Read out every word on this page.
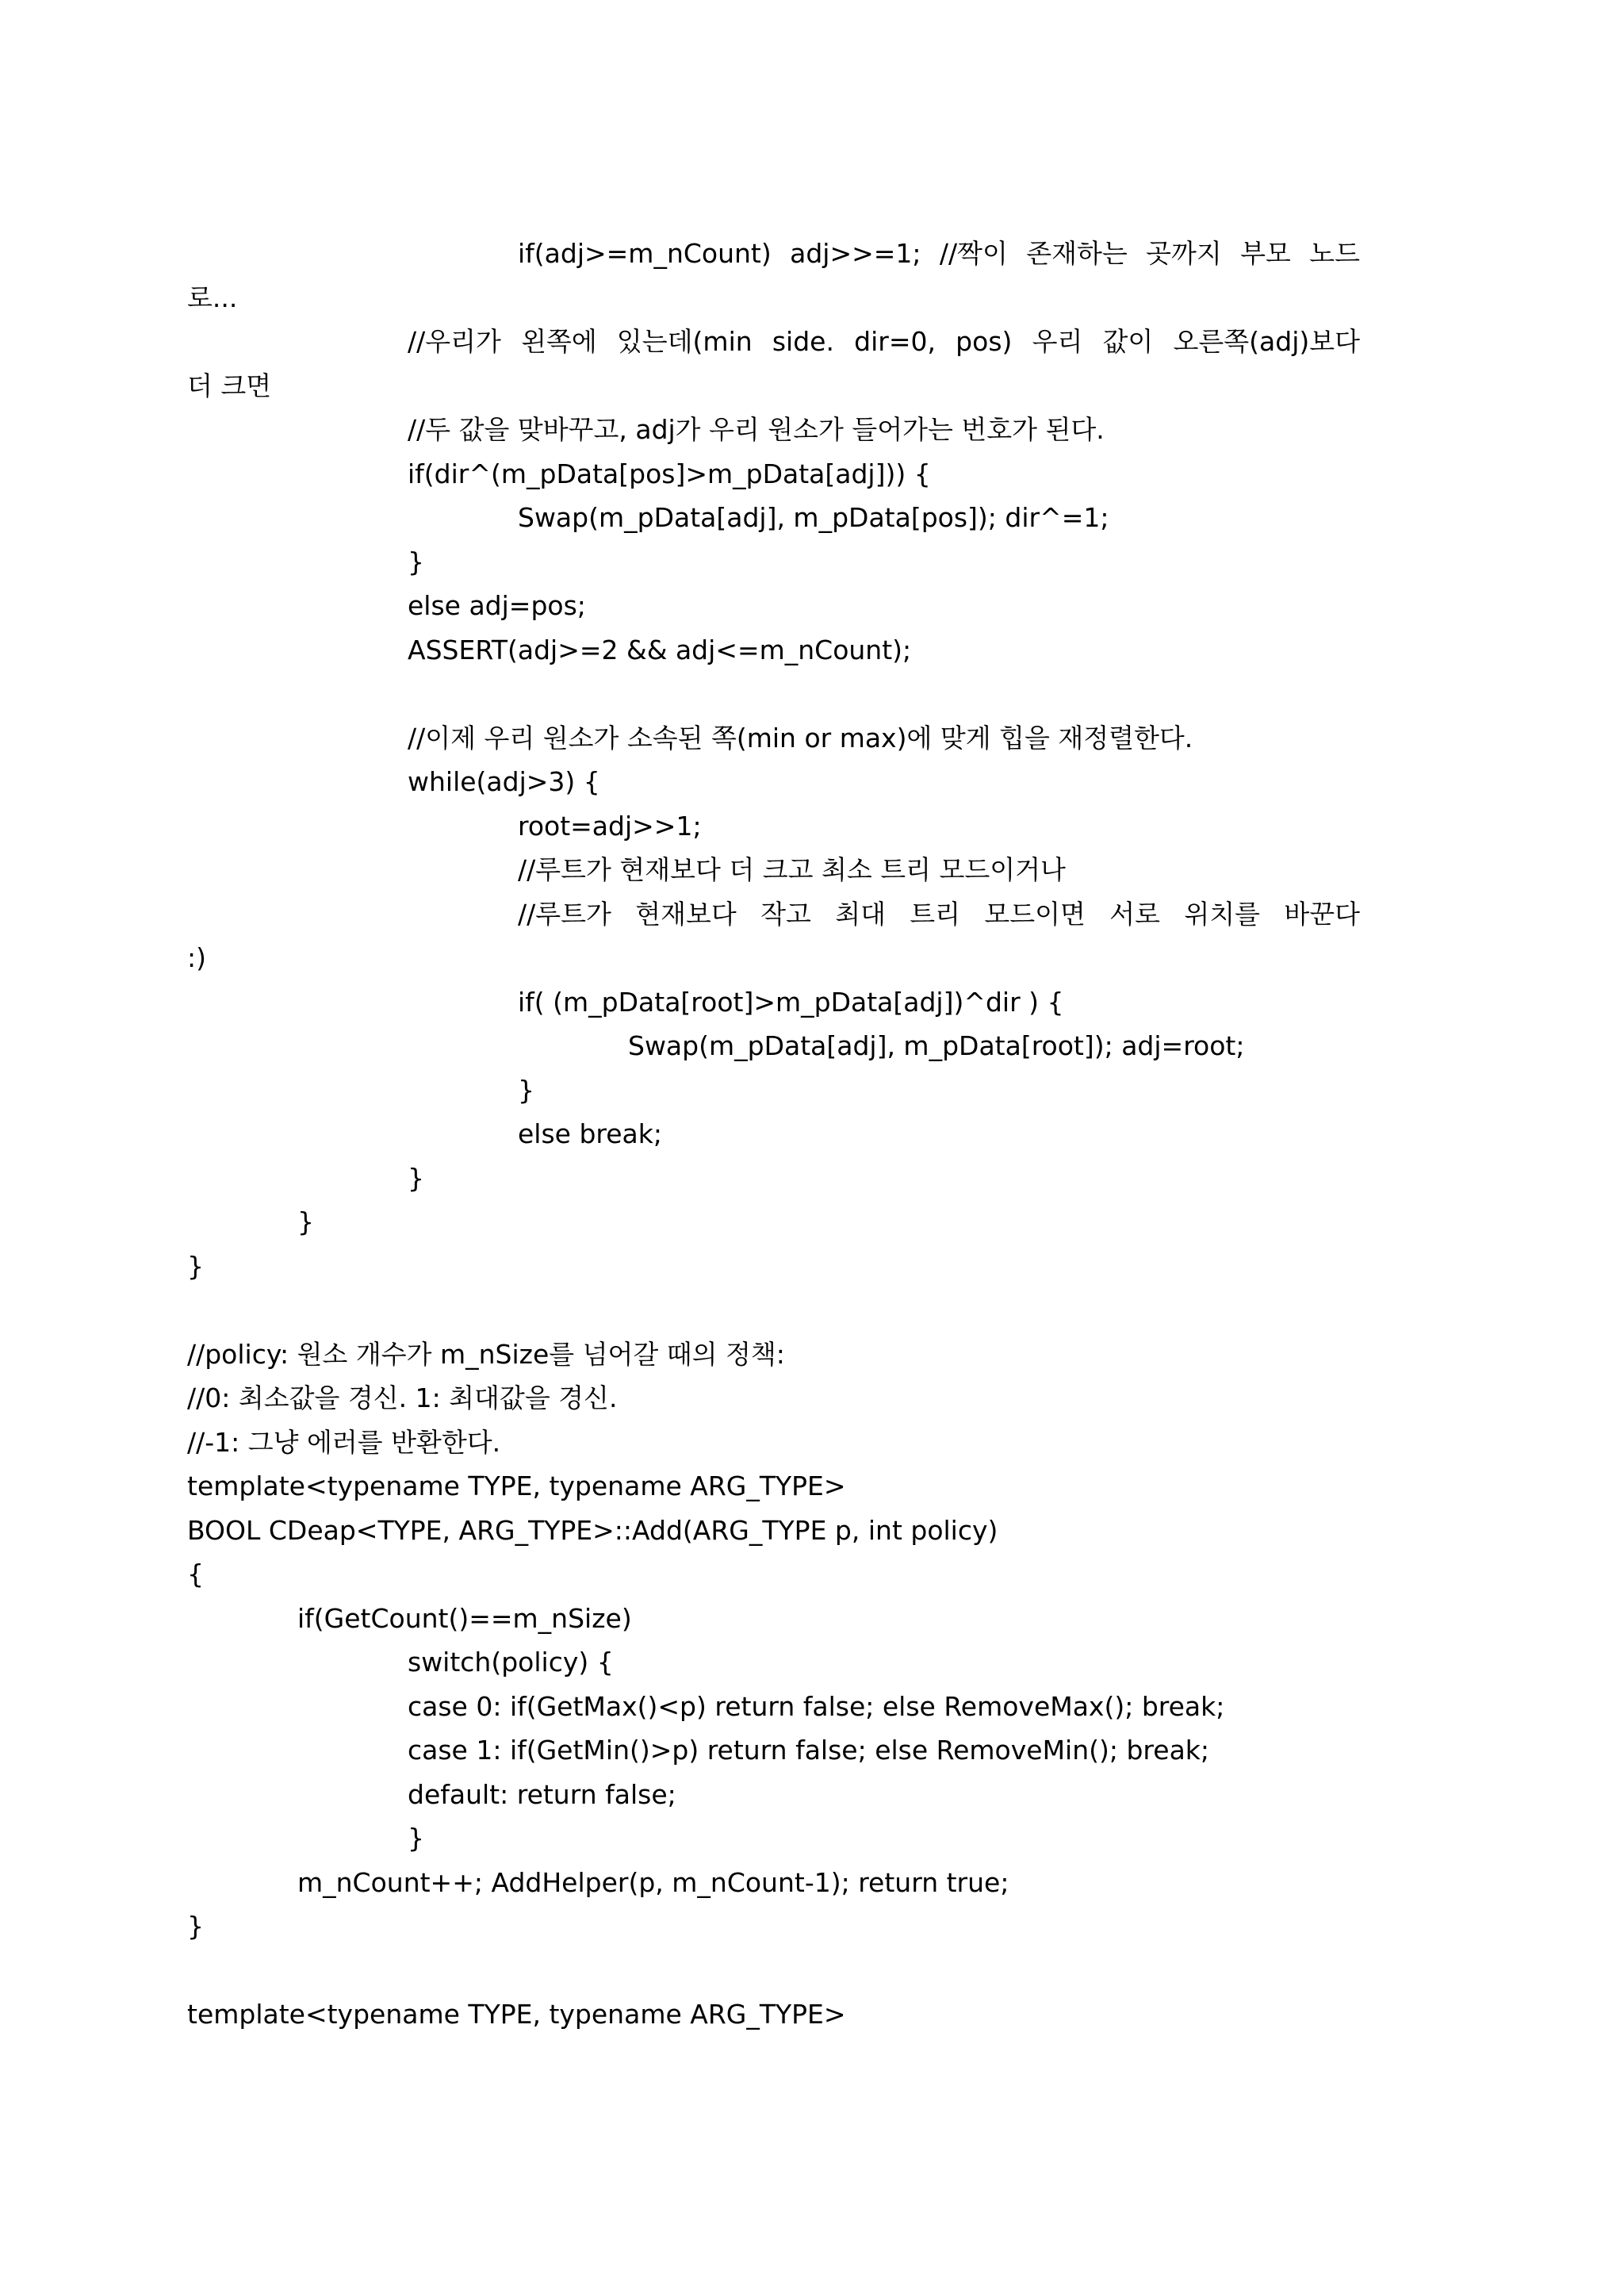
if(adj>=m_nCount) adj>>=1; //짝이 존재하는 곳까지 부모 노드
로...
//우리가 왼쪽에 있는데(min side. dir=0, pos) 우리 값이 오른쪽(adj)보다
더 크면
//두 값을 맞바꾸고, adj가 우리 원소가 들어가는 번호가 된다.
if(dir^(m_pData[pos]>m_pData[adj])) {
Swap(m_pData[adj], m_pData[pos]); dir^=1;
}
else adj=pos;
ASSERT(adj>=2 && adj<=m_nCount);
//이제 우리 원소가 소속된 쪽(min or max)에 맞게 힙을 재정렬한다.
while(adj>3) {
root=adj>>1;
//루트가 현재보다 더 크고 최소 트리 모드이거나
//루트가 현재보다 작고 최대 트리 모드이면 서로 위치를 바꾼다
:)
if( (m_pData[root]>m_pData[adj])^dir ) {
Swap(m_pData[adj], m_pData[root]); adj=root;
}
else break;
}
}
}
//policy: 원소 개수가 m_nSize를 넘어갈 때의 정책:
//0: 최소값을 경신. 1: 최대값을 경신.
//-1: 그냥 에러를 반환한다.
template<typename TYPE, typename ARG_TYPE>
BOOL CDeap<TYPE, ARG_TYPE>::Add(ARG_TYPE p, int policy)
{
if(GetCount()==m_nSize)
switch(policy) {
case 0: if(GetMax()<p) return false; else RemoveMax(); break;
case 1: if(GetMin()>p) return false; else RemoveMin(); break;
default: return false;
}
m_nCount++; AddHelper(p, m_nCount-1); return true;
}
template<typename TYPE, typename ARG_TYPE>
